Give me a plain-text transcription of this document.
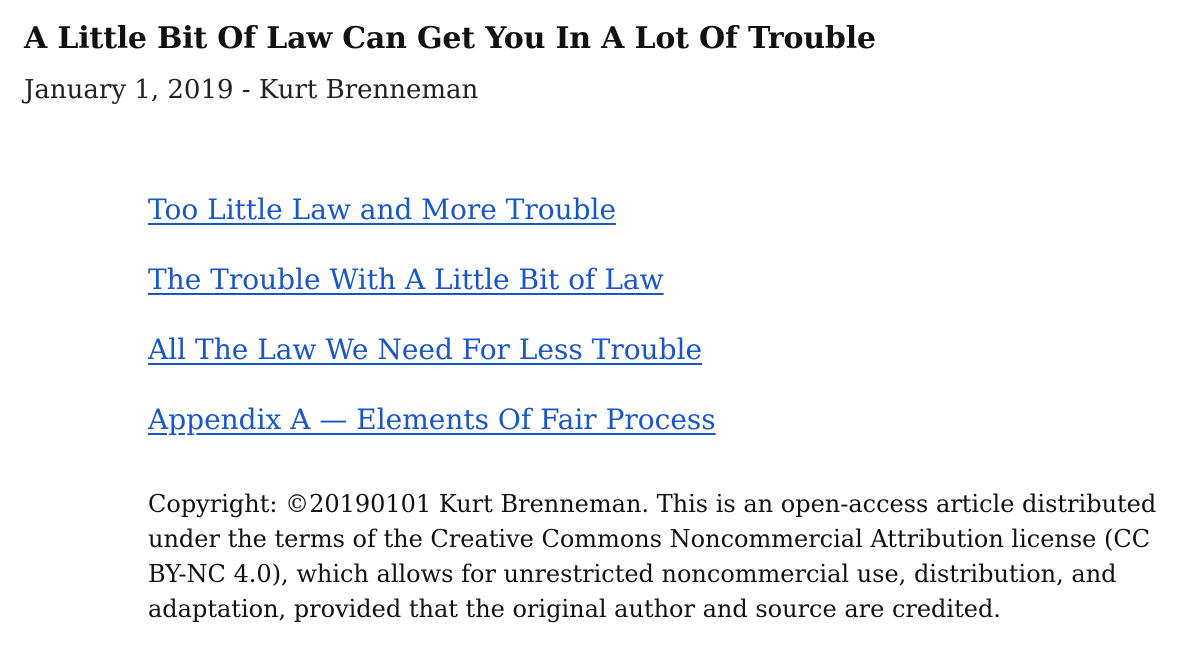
A Little Bit Of Law Can Get You In A Lot Of Trouble

January 1, 2019 - Kurt Brenneman

Too Little Law and More Trouble
The Trouble With A Little Bit of Law
All The Law We Need For Less Trouble
Appendix A — Elements Of Fair Process

Copyright: ©20190101 Kurt Brenneman. This is an open-access article distributed under the terms of the Creative Commons Noncommercial Attribution license (CC BY-NC 4.0), which allows for unrestricted noncommercial use, distribution, and adaptation, provided that the original author and source are credited.
